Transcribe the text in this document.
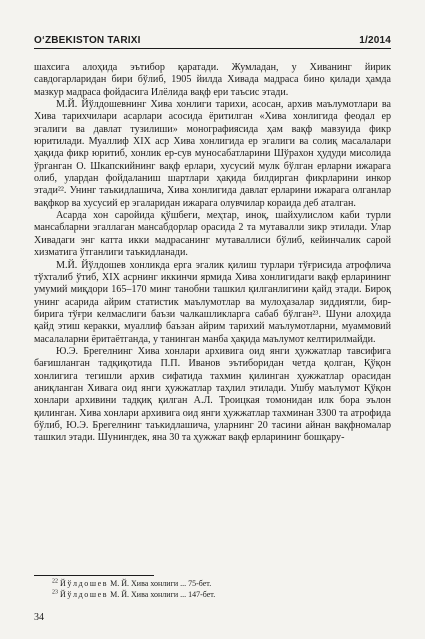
O‘ZBEKISTON TARIXI	1/2014

шахсига алоҳида эътибор қаратади. Жумладан, у Хиванинг йирик савдогарларидан бири бўлиб, 1905 йилда Хивада мадраса бино қилади ҳамда мазкур мадраса фойдасига Илёлида вақф ери таъсис этади.

М.Й. Йўлдошевнинг Хива хонлиги тарихи, асосан, архив маълумотлари ва Хива тарихчилари асарлари асосида ёритилган «Хива хонлигида феодал ер эгалиги ва давлат тузилиши» монографиясида ҳам вақф мавзуида фикр юритилади. Муаллиф XIX аср Хива хонлигида ер эгалиги ва солиқ масалалари ҳақида фикр юритиб, хонлик ер-сув муносабатларини Шўрахон ҳудуди мисолида ўрганган О. Шкапскийнинг вақф ерлари, хусусий мулк бўлган ерларни ижарага олиб, улардан фойдаланиш шартлари ҳақида билдирган фикрларини инкор этади²². Унинг таъкидлашича, Хива хонлигида давлат ерларини ижарага олганлар вақфкор ва хусусий ер эгаларидан ижарага олувчилар кораида деб аталган.

Асарда хон саройида қўшбеги, меҳтар, иноқ, шайхулислом каби турли мансабларни эгаллаган мансабдорлар орасида 2 та мутавалли зикр этилади. Улар Хивадаги энг катта икки мадрасанинг мутаваллиси бўлиб, кейинчалик сарой хизматига ўтганлиги таъкидланади.

М.Й. Йўлдошев хонликда ерга эгалик қилиш турлари тўғрисида атрофлича тўхталиб ўтиб, XIX асрнинг иккинчи ярмида Хива хонлигидаги вақф ерларининг умумий миқдори 165–170 минг танобни ташкил қилганлигини қайд этади. Бироқ унинг асарида айрим статистик маълумотлар ва мулоҳазалар зиддиятли, бир-бирига тўғри келмаслиги баъзи чалкашликларга сабаб бўлган²³. Шуни алоҳида қайд этиш керакки, муаллиф баъзан айрим тарихий маълумотларни, муаммовий масалаларни ёритаётганда, у танинган манба ҳақида маълумот келтирилмайди.

Ю.Э. Брегелнинг Хива хонлари архивига оид янги ҳужжатлар тавсифига бағишланган тадқиқотида П.П. Иванов эътиборидан четда қолган, Қўқон хонлигига тегишли архив сифатида тахмин қилинган ҳужжатлар орасидан аниқланган Хивага оид янги ҳужжатлар таҳлил этилади. Ушбу маълумот Қўқон хонлари архивини тадқиқ қилган А.Л. Троицкая томонидан илк бора эълон қилинган. Хива хонлари архивига оид янги ҳужжатлар тахминан 3300 та атрофида бўлиб, Ю.Э. Брегелнинг таъкидлашича, уларнинг 20 тасини айнан вақфномалар ташкил этади. Шунингдек, яна 30 та ҳужжат вақф ерларининг бошқару-

$^{22}$ Йўлдошев М. Й. Хива хонлиги ... 75-бет.
$^{23}$ Йўлдошев М. Й. Хива хонлиги ... 147-бет.
34
